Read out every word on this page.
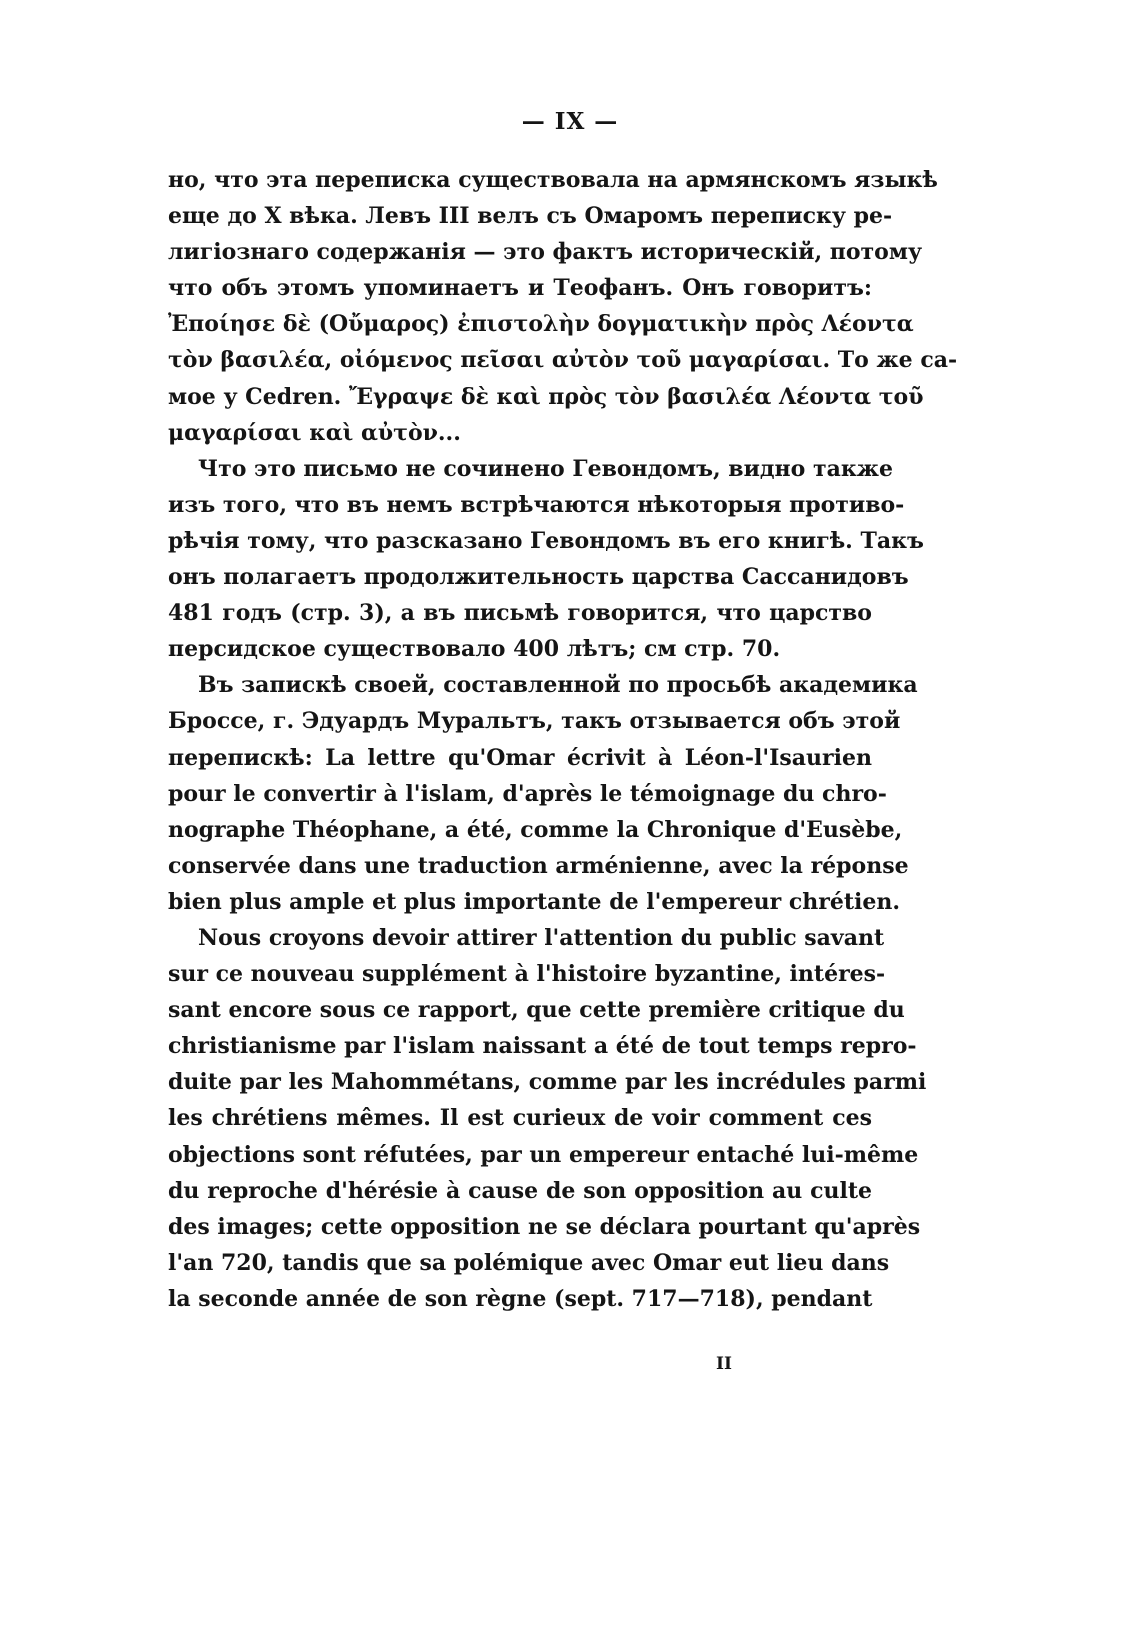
— IX —
но, что эта переписка существовала на армянскомъ языкѣ
еще до X вѣка. Левъ III велъ съ Омаромъ переписку ре-
лигіознаго содержанія — это фактъ историческій, потому
что объ этомъ упоминаетъ и Теофанъ. Онъ говоритъ:
Ἐποίησε δὲ (Οὔμαρος) ἐπιστολὴν δογματικὴν πρὸς Λέοντα
τὸν βασιλέα, οἰόμενος πεῖσαι αὐτὸν τοῦ μαγαρίσαι. То же са-
мое у Cedren. Ἔγραψε δὲ καὶ πρὸς τὸν βασιλέα Λέοντα τοῦ
μαγαρίσαι καὶ αὐτὸν...
Что это письмо не сочинено Гевондомъ, видно также
изъ того, что въ немъ встрѣчаются нѣкоторыя противо-
рѣчія тому, что разсказано Гевондомъ въ его книгѣ. Такъ
онъ полагаетъ продолжительность царства Сассанидовъ
481 годъ (стр. 3), а въ письмѣ говорится, что царство
персидское существовало 400 лѣтъ; см стр. 70.
Въ запискѣ своей, составленной по просьбѣ академика
Броссе, г. Эдуардъ Муральтъ, такъ отзывается объ этой
перепискѣ: La lettre qu'Omar écrivit à Léon-l'Isaurien
pour le convertir à l'islam, d'après le témoignage du chro-
nographe Théophane, a été, comme la Chronique d'Eusèbe,
conservée dans une traduction arménienne, avec la réponse
bien plus ample et plus importante de l'empereur chrétien.
Nous croyons devoir attirer l'attention du public savant
sur ce nouveau supplément à l'histoire byzantine, intéres-
sant encore sous ce rapport, que cette première critique du
christianisme par l'islam naissant a été de tout temps repro-
duite par les Mahommétans, comme par les incrédules parmi
les chrétiens mêmes. Il est curieux de voir comment ces
objections sont réfutées, par un empereur entaché lui-même
du reproche d'hérésie à cause de son opposition au culte
des images; cette opposition ne se déclara pourtant qu'après
l'an 720, tandis que sa polémique avec Omar eut lieu dans
la seconde année de son règne (sept. 717—718), pendant
II
